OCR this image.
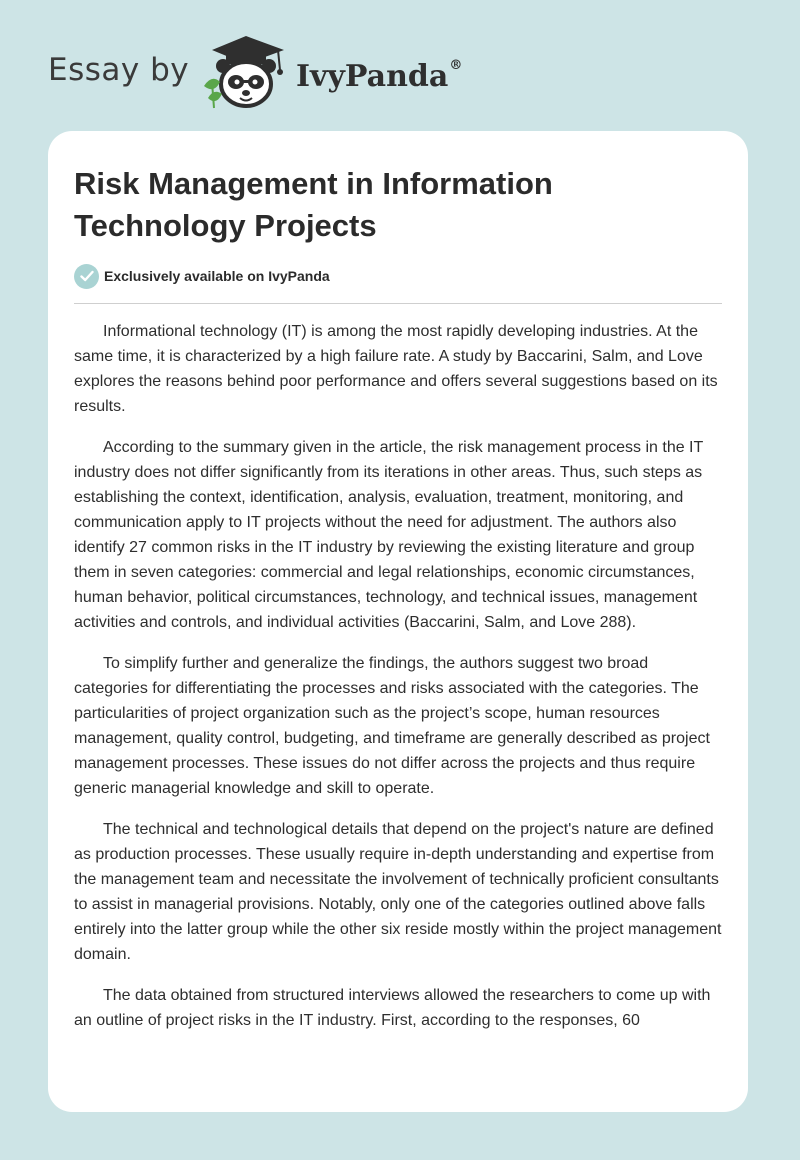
Essay by	IvyPanda®
Risk Management in Information Technology Projects
Exclusively available on IvyPanda

Informational technology (IT) is among the most rapidly developing industries. At the same time, it is characterized by a high failure rate. A study by Baccarini, Salm, and Love explores the reasons behind poor performance and offers several suggestions based on its results.

According to the summary given in the article, the risk management process in the IT industry does not differ significantly from its iterations in other areas. Thus, such steps as establishing the context, identification, analysis, evaluation, treatment, monitoring, and communication apply to IT projects without the need for adjustment. The authors also identify 27 common risks in the IT industry by reviewing the existing literature and group them in seven categories: commercial and legal relationships, economic circumstances, human behavior, political circumstances, technology, and technical issues, management activities and controls, and individual activities (Baccarini, Salm, and Love 288).

To simplify further and generalize the findings, the authors suggest two broad categories for differentiating the processes and risks associated with the categories. The particularities of project organization such as the project’s scope, human resources management, quality control, budgeting, and timeframe are generally described as project management processes. These issues do not differ across the projects and thus require generic managerial knowledge and skill to operate.

The technical and technological details that depend on the project's nature are defined as production processes. These usually require in-depth understanding and expertise from the management team and necessitate the involvement of technically proficient consultants to assist in managerial provisions. Notably, only one of the categories outlined above falls entirely into the latter group while the other six reside mostly within the project management domain.

The data obtained from structured interviews allowed the researchers to come up with an outline of project risks in the IT industry. First, according to the responses, 60
